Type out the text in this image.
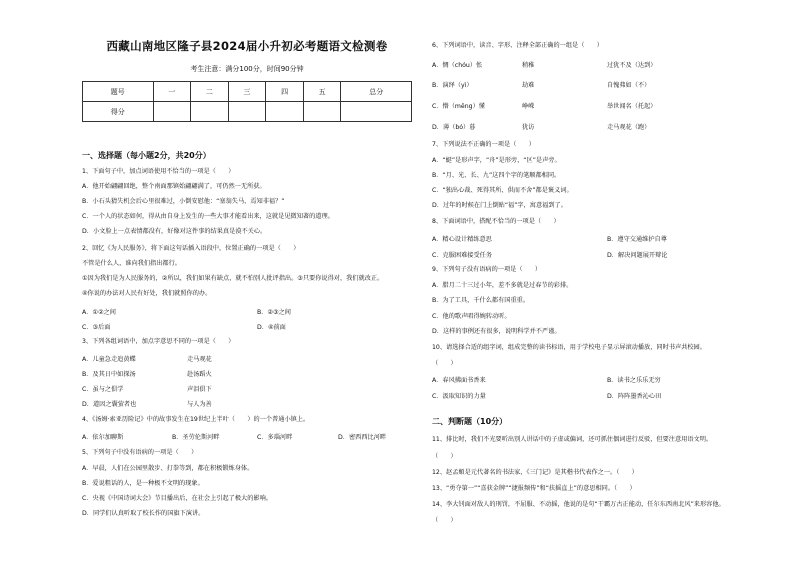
西藏山南地区隆子县2024届小升初必考题语文检测卷
考生注意：满分100分，时间90分钟
题号	一	二	三	四	五	总分
得分						
一、选择题（每小题2分，共20分）
1、下面句子中，加点词语使用不恰当的一项是（　　）
A．他开始翩翩回绝，整个南面那镇始翩翩满了，可仍然一无所获。
B．小石头猜失机会后心里很难过，小倒安慰他：“塞翁失马，焉知非福？”
C．一个人的状态如何，得从由自身上发生的一些大事才能看出来，这就是见微知著的道理。
D．小文脸上一点表情都没有，好像对这件事的结果真是漠不关心。
2、回忆《为人民服务》，将下面这句话插入语段中，位置正确的一项是（　　）
不管是什么人，谁向我们指出都行。
①因为我们是为人民服务的，②所以，我们如果有缺点，就不怕别人批评指出。③只要你说得对，我们就改正。
④你说的办法对人民有好处，我们就照你的办。
A．①②之间	B．②③之间
C．③后面	D．④前面
3、下列各组词语中，加点字意思不同的一项是（　　）
A．儿童急走追黄蝶	走马观花
B．及其日中如探汤	赴汤蹈火
C．虽与之俱学	声泪俱下
D．道因之囊萤者也	与人为善
4、《汤姆·索亚历险记》中的故事发生在19世纪上半叶（　　）的一个普通小镇上。
A．依尔加聊斯	B．圣劳伦斯河畔	C．多瑙河畔	D．密西西比河畔
5、下列句子中没有语病的一项是（　　）
A．早晨，人们在公园里散步、打拳等到，都在积极锻炼身体。
B．爱说粗话的人，是一种极不文明的现象。
C．央视《中国诗词大会》节目播出后，在社会上引起了极大的影响。
D．同学们认真听取了校长作的国旗下演讲。
6、下列词语中，读音、字形、注释全部正确的一组是（　　）
A．惆（chóu）怅	稍稚	过犹不及（达到）
B．演绎（yì）	劫难	自愧弗如（不）
C．懵（měng）懂	峥嵘	举世闻名（托起）
D．薄（bó）暮	犹访	走马观花（跑）
7、下列说法不正确的一项是（　　）
A．“蜓”是形声字，“舟”是形旁，“区”是声旁。
B．“月、光、长、九”这四个字的笔顺都相同。
C．“独出心裁、死得其所、供而不舍”都是褒义词。
D．过年的时候在门上倒贴“福”字，寓意福到了。
8、下面词语中，搭配不恰当的一项是（　　）
A．精心设计精练意思	B．遵守交通维护自尊
C．克服困难接受任务	D．解决问题展开辩论
9、下列句子没有语病的一项是（　　）
A．腊月二十三过小年，差不多就是过春节的彩排。
B．为了工具，千什么都有国重重。
C．他的歌声唱得婉转动听。
D．这样的事例还有很多，说明科学并不严谨。
10、请选择合适的组字词，组成完整的读书标语，用于学校电子显示屏滚动播放，同时书声共校园。
（　　）
A．春风拂面书香来	B．读书之乐乐无穷
C．汲取知识的力量	D．阵阵墨香沁心田
二、判断题（10分）
11、排比时，我们不光要听出别人讲话中的子虚或偏词，还可抓住偶词进行反驳，但要注意用语文明。
（　　）
12、赵孟頫是元代著名的书法家，《三门记》是其楷书代表作之一。（　　）
13、“勇夺第一”“喜获金牌”“捷报频传”和“扶摇直上”的意思相同。（　　）
14、李大钊面对敌人的刑罚，不屈服、不动摇，他说的是句“干霸万古正能动，任尔东西南北风”来形容他。
（　　）
